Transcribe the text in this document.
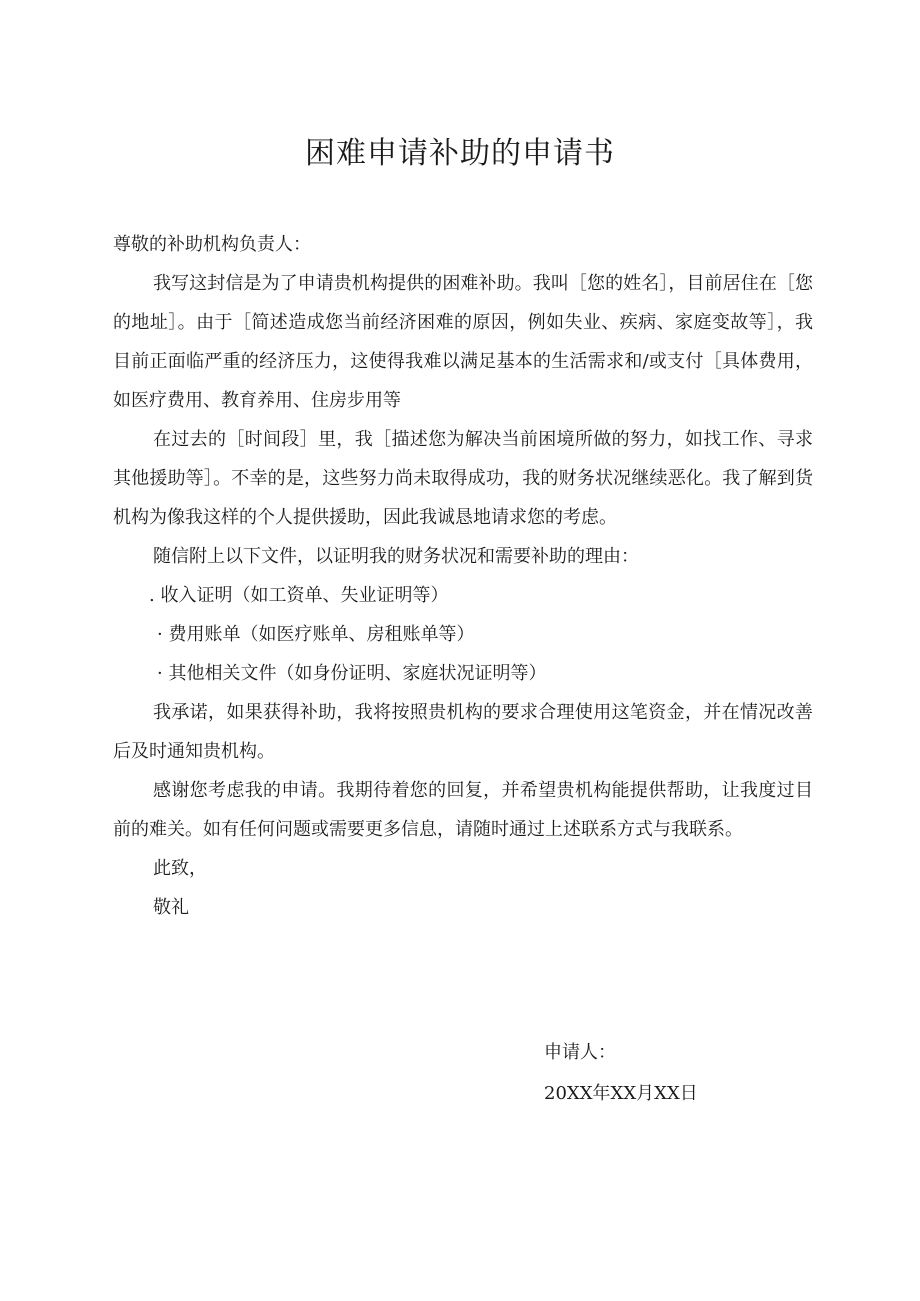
困难申请补助的申请书

尊敬的补助机构负责人：

我写这封信是为了申请贵机构提供的困难补助。我叫［您的姓名］，目前居住在［您的地址］。由于［简述造成您当前经济困难的原因，例如失业、疾病、家庭变故等］，我目前正面临严重的经济压力，这使得我难以满足基本的生活需求和/或支付［具体费用，如医疗费用、教育养用、住房步用等

在过去的［时间段］里，我［描述您为解决当前困境所做的努力，如找工作、寻求其他援助等］。不幸的是，这些努力尚未取得成功，我的财务状况继续恶化。我了解到货机构为像我这样的个人提供援助，因此我诚恳地请求您的考虑。

随信附上以下文件，以证明我的财务状况和需要补助的理由：

. 收入证明（如工资单、失业证明等）

· 费用账单（如医疗账单、房租账单等）

· 其他相关文件（如身份证明、家庭状况证明等）

我承诺，如果获得补助，我将按照贵机构的要求合理使用这笔资金，并在情况改善后及时通知贵机构。

感谢您考虑我的申请。我期待着您的回复，并希望贵机构能提供帮助，让我度过目前的难关。如有任何问题或需要更多信息，请随时通过上述联系方式与我联系。

此致，

敬礼

申请人：

20XX年XX月XX日
